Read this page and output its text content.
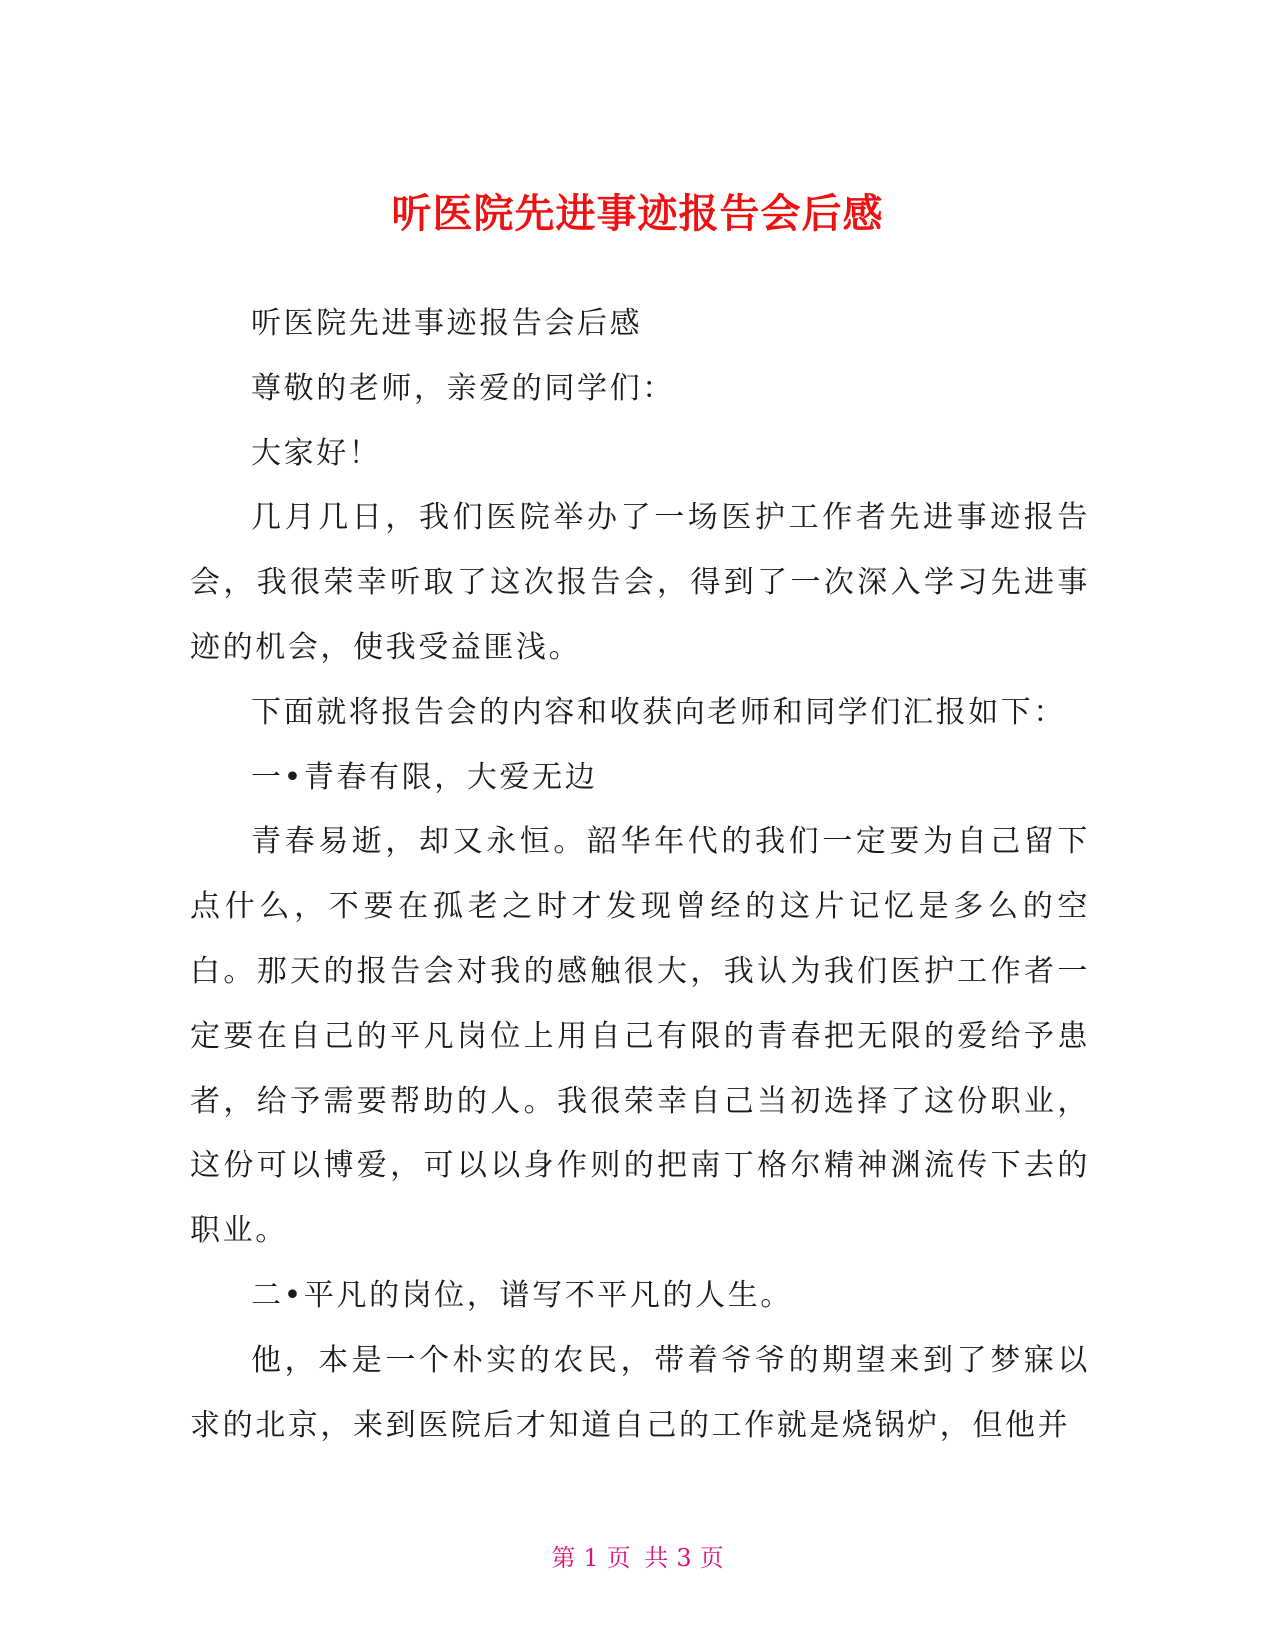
听医院先进事迹报告会后感

听医院先进事迹报告会后感

尊敬的老师，亲爱的同学们：

大家好！

几月几日，我们医院举办了一场医护工作者先进事迹报告会，我很荣幸听取了这次报告会，得到了一次深入学习先进事迹的机会，使我受益匪浅。

下面就将报告会的内容和收获向老师和同学们汇报如下：

一•青春有限，大爱无边

青春易逝，却又永恒。韶华年代的我们一定要为自己留下点什么，不要在孤老之时才发现曾经的这片记忆是多么的空白。那天的报告会对我的感触很大，我认为我们医护工作者一定要在自己的平凡岗位上用自己有限的青春把无限的爱给予患者，给予需要帮助的人。我很荣幸自己当初选择了这份职业，这份可以博爱，可以以身作则的把南丁格尔精神渊流传下去的职业。

二•平凡的岗位，谱写不平凡的人生。

他，本是一个朴实的农民，带着爷爷的期望来到了梦寐以求的北京，来到医院后才知道自己的工作就是烧锅炉，但他并

第 1 页 共 3 页
